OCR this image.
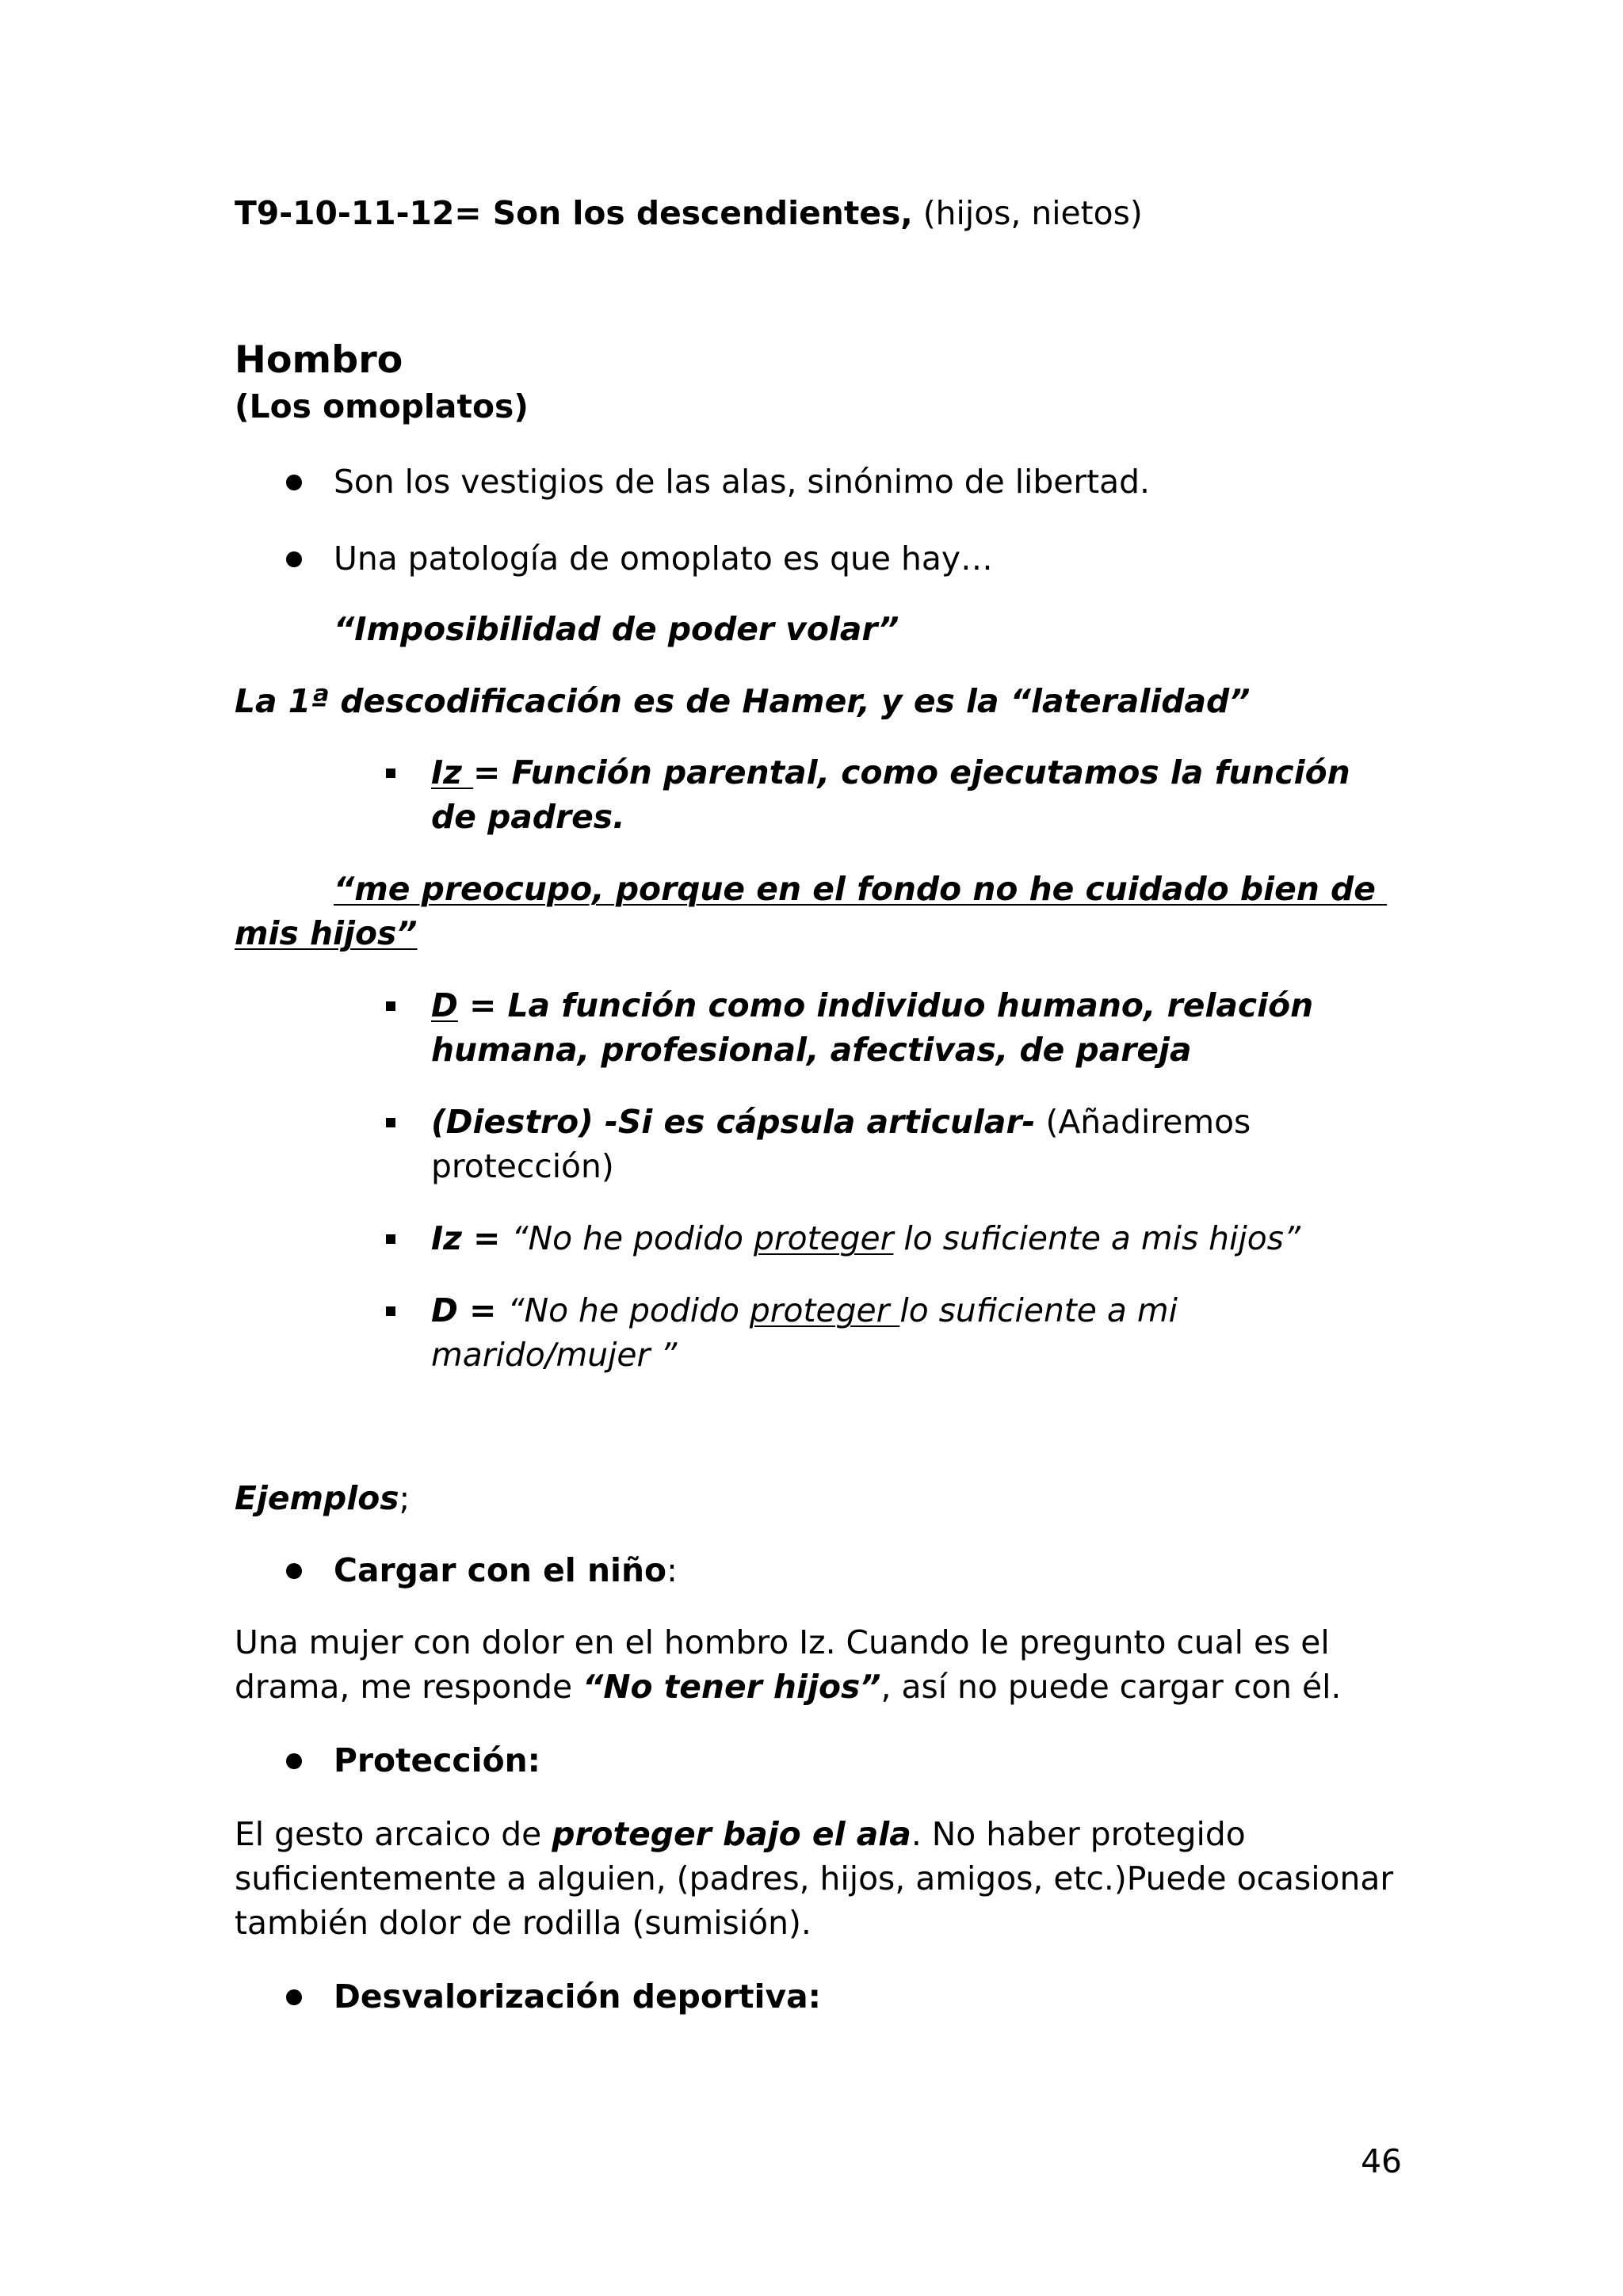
T9-10-11-12= Son los descendientes, (hijos, nietos)
Hombro
(Los omoplatos)
Son los vestigios de las alas, sinónimo de libertad.
Una patología de omoplato es que hay…
“Imposibilidad de poder volar”
La 1ª descodificación es de Hamer, y es la “lateralidad”
Iz = Función parental, como ejecutamos la función
de padres.
“me preocupo, porque en el fondo no he cuidado bien de
mis hijos”
D = La función como individuo humano, relación
humana, profesional, afectivas, de pareja
(Diestro) -Si es cápsula articular- (Añadiremos
protección)
Iz = “No he podido proteger lo suficiente a mis hijos”
D = “No he podido proteger lo suficiente a mi
marido/mujer ”
Ejemplos;
Cargar con el niño:
Una mujer con dolor en el hombro Iz. Cuando le pregunto cual es el
drama, me responde “No tener hijos”, así no puede cargar con él.
Protección:
El gesto arcaico de proteger bajo el ala. No haber protegido
suficientemente a alguien, (padres, hijos, amigos, etc.)Puede ocasionar
también dolor de rodilla (sumisión).
Desvalorización deportiva:
46
